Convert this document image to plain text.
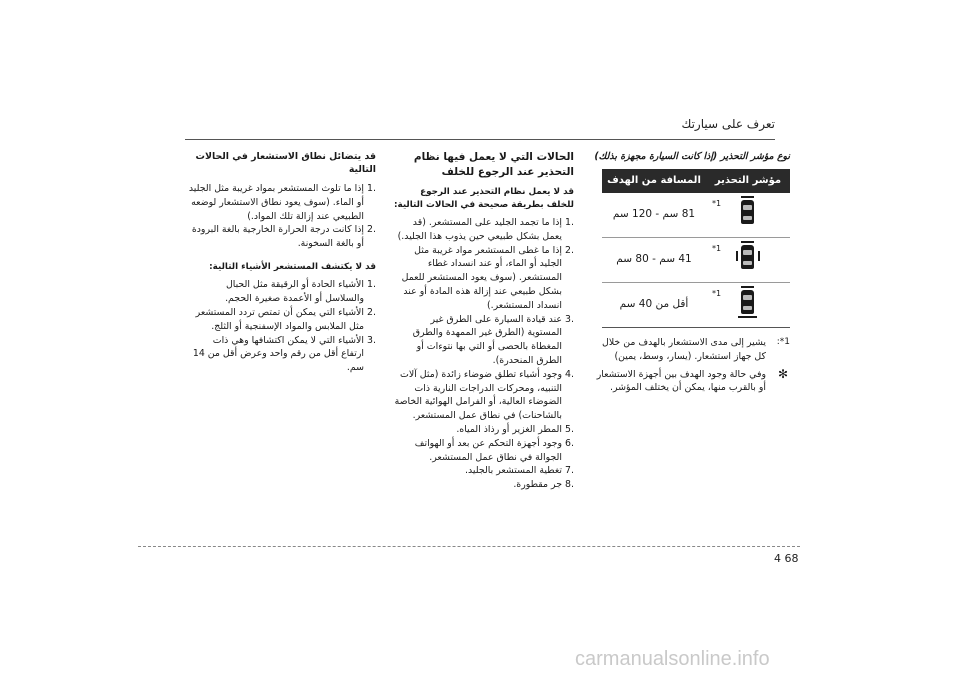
تعرف على سيارتك
نوع مؤشر التحذير (إذا كانت السيارة مجهزة بذلك)
مؤشر التحذير	المسافة من الهدف

1*	81 سم - 120 سم

1*	41 سم - 80 سم

1*	أقل من 40 سم
1*:
يشير إلى مدى الاستشعار بالهدف من خلال كل جهاز استشعار. (يسار، وسط، يمين)
✻
وفي حالة وجود الهدف بين أجهزة الاستشعار أو بالقرب منها، يمكن أن يختلف المؤشر.
الحالات التي لا يعمل فيها نظام التحذير عند الرجوع للخلف
قد لا يعمل نظام التحذير عند الرجوع للخلف بطريقة صحيحة في الحالات التالية:
.1
إذا ما تجمد الجليد على المستشعر. (قد يعمل بشكل طبيعي حين يذوب هذا الجليد.)
.2
إذا ما غطى المستشعر مواد غريبة مثل الجليد أو الماء، أو عند انسداد غطاء المستشعر. (سوف يعود المستشعر للعمل بشكل طبيعي عند إزالة هذه المادة أو عند انسداد المستشعر.)
.3
عند قيادة السيارة على الطرق غير المستوية (الطرق غير الممهدة والطرق المغطاة بالحصى أو التي بها نتوءات أو الطرق المنحدرة).
.4
وجود أشياء تطلق ضوضاء زائدة (مثل آلات التنبيه، ومحركات الدراجات النارية ذات الضوضاء العالية، أو الفرامل الهوائية الخاصة بالشاحنات) في نطاق عمل المستشعر.
.5
المطر الغزير أو رذاذ المياه.
.6
وجود أجهزة التحكم عن بعد أو الهواتف الجوالة في نطاق عمل المستشعر.
.7
تغطية المستشعر بالجليد.
.8
جر مقطورة.
قد يتضائل نطاق الاستشعار في الحالات التالية
.1
إذا ما تلوث المستشعر بمواد غريبة مثل الجليد أو الماء. (سوف يعود نطاق الاستشعار لوضعه الطبيعي عند إزالة تلك المواد.)
.2
إذا كانت درجة الحرارة الخارجية بالغة البرودة أو بالغة السخونة.
قد لا يكتشف المستشعر الأشياء التالية:
.1
الأشياء الحادة أو الرقيقة مثل الحبال والسلاسل أو الأعمدة صغيرة الحجم.
.2
الأشياء التي يمكن أن تمتص تردد المستشعر مثل الملابس والمواد الإسفنجية أو الثلج.
.3
الأشياء التي لا يمكن اكتشافها وهي ذات ارتفاع أقل من رقم واحد وعرض أقل من 14 سم.
4 68
carmanualsonline.info
